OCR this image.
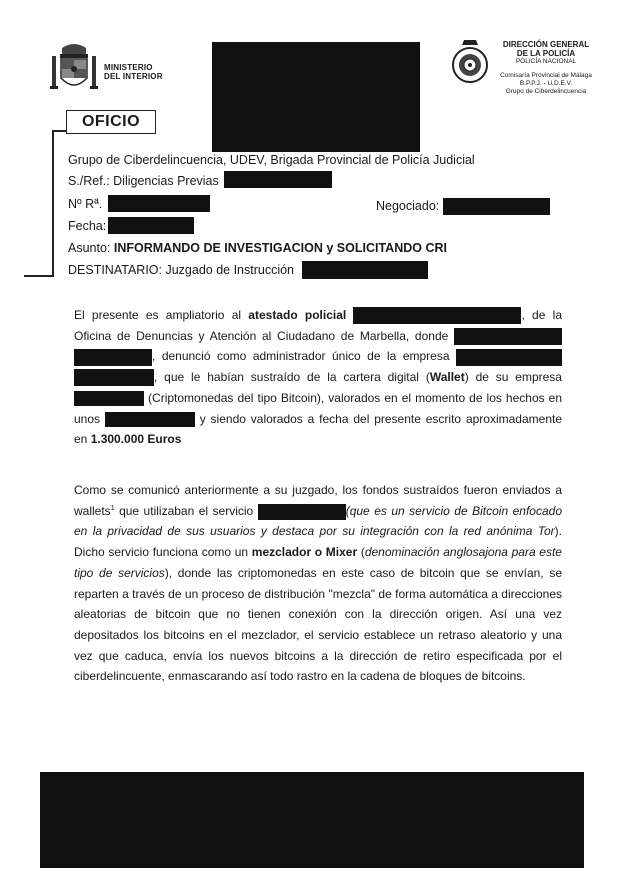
MINISTERIO
DEL INTERIOR
DIRECCIÓN GENERAL
DE LA POLICÍA
POLICÍA NACIONAL
Comisaría Provincial de Málaga
B.P.P.J. - U.D.E.V.
Grupo de Ciberdelincuencia
OFICIO
Grupo de Ciberdelincuencia, UDEV, Brigada Provincial de Policía Judicial
S./Ref.: Diligencias Previas
Nº Rª.	Negociado:
Fecha:
Asunto: INFORMANDO DE INVESTIGACION y SOLICITANDO CRI
DESTINATARIO: Juzgado de Instrucción
El presente es ampliatorio al atestado policial	, de la Oficina de Denuncias y Atención al Ciudadano de Marbella, donde  , denunció como administrador único de la empresa  , que le habían sustraído de la cartera digital (Wallet) de su empresa  (Criptomonedas del tipo Bitcoin), valorados en el momento de los hechos en unos	y siendo valorados a fecha del presente escrito aproximadamente en 1.300.000 Euros
Como se comunicó anteriormente a su juzgado, los fondos sustraídos fueron enviados a wallets$^1$ que utilizaban el servicio	(que es un servicio de Bitcoin enfocado en la privacidad de sus usuarios y destaca por su integración con la red anónima Tor). Dicho servicio funciona como un mezclador o Mixer (denominación anglosajona para este tipo de servicios), donde las criptomonedas en este caso de bitcoin que se envían, se reparten a través de un proceso de distribución "mezcla" de forma automática a direcciones aleatorias de bitcoin que no tienen conexión con la dirección origen. Así una vez depositados los bitcoins en el mezclador, el servicio establece un retraso aleatorio y una vez que caduca, envía los nuevos bitcoins a la dirección de retiro especificada por el ciberdelincuente, enmascarando así todo rastro en la cadena de bloques de bitcoins.
